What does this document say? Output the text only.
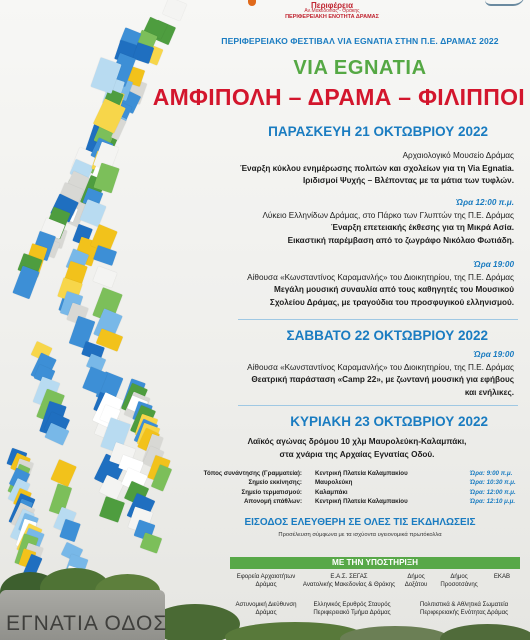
Περιφέρεια
Αν.Μακεδονίας - Θράκης
ΠΕΡΙΦΕΡΕΙΑΚΗ ΕΝΟΤΗΤΑ ΔΡΑΜΑΣ
ΠΕΡΙΦΕΡΕΙΑΚΟ ΦΕΣΤΙΒΑΛ VIA EGNATIA ΣΤΗΝ Π.Ε. ΔΡΑΜΑΣ 2022
VIA EGNATIA
ΑΜΦΙΠΟΛΗ – ΔΡΑΜΑ – ΦΙΛΙΠΠΟΙ
ΠΑΡΑΣΚΕΥΗ 21 ΟΚΤΩΒΡΙΟΥ 2022
Αρχαιολογικό Μουσείο Δράμας
Έναρξη κύκλου ενημέρωσης πολιτών και σχολείων για τη Via Egnatia.
Ιριδισμοί Ψυχής – Βλέποντας με τα μάτια των τυφλών.
Ώρα 12:00 π.μ.
Λύκειο Ελληνίδων Δράμας, στο Πάρκο των Γλυπτών της Π.Ε. Δράμας
Έναρξη επετειακής έκθεσης για τη Μικρά Ασία.
Εικαστική παρέμβαση από το ζωγράφο Νικόλαο Φωτιάδη.
Ώρα 19:00
Αίθουσα «Κωνσταντίνος Καραμανλής» του Διοικητηρίου, της Π.Ε. Δράμας
Μεγάλη μουσική συναυλία από τους καθηγητές του Μουσικού
Σχολείου Δράμας, με τραγούδια του προσφυγικού ελληνισμού.
ΣΑΒΒΑΤΟ 22 ΟΚΤΩΒΡΙΟΥ 2022
Ώρα 19:00
Αίθουσα «Κωνσταντίνος Καραμανλής» του Διοικητηρίου, της Π.Ε. Δράμας
Θεατρική παράσταση «Camp 22», με ζωντανή μουσική για εφήβους
και ενήλικες.
ΚΥΡΙΑΚΗ 23 ΟΚΤΩΒΡΙΟΥ 2022
Λαϊκός αγώνας δρόμου 10 χλμ Μαυρολεύκη-Καλαμπάκι,
στα χνάρια της Αρχαίας Εγνατίας Οδού.
Τόπος συνάντησης (Γραμματεία): Κεντρική Πλατεία Καλαμπακίου	Ώρα: 9:00 π.μ.
Σημείο εκκίνησης: Μαυρολεύκη	Ώρα: 10:30 π.μ.
Σημείο τερματισμού: Καλαμπάκι	Ώρα: 12:00 π.μ.
Απονομή επάθλων: Κεντρική Πλατεία Καλαμπακίου	Ώρα: 12:10 μ.μ.
ΕΙΣΟΔΟΣ ΕΛΕΥΘΕΡΗ ΣΕ ΟΛΕΣ ΤΙΣ ΕΚΔΗΛΩΣΕΙΣ
Προσέλευση σύμφωνα με τα ισχύοντα υγειονομικά πρωτόκολλα
ΜΕ ΤΗΝ ΥΠΟΣΤΗΡΙΞΗ
Εφορεία Αρχαιοτήτων
Δράμας
Ε.Α.Σ. ΣΕΓΑΣ
Ανατολικής Μακεδονίας & Θράκης
Δήμος
Δοξάτου
Δήμος
Προσοτσάνης
ΕΚΑΒ
Αστυνομική Διεύθυνση
Δράμας
Ελληνικός Ερυθρός Σταυρός
Περιφερειακό Τμήμα Δράμας
Πολιτιστικά & Αθλητικά Σωματεία
Περιφερειακής Ενότητας Δράμας
ΕΓΝΑΤΙΑ ΟΔΟΣ
